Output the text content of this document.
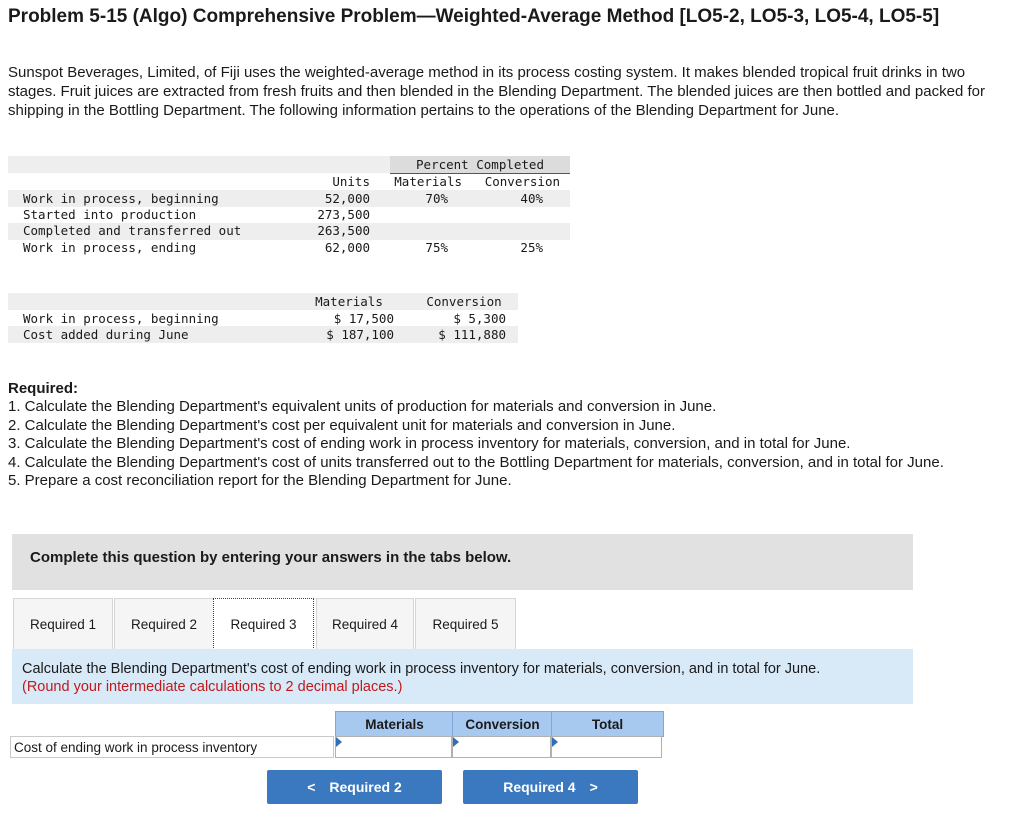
Problem 5-15 (Algo) Comprehensive Problem—Weighted-Average Method [LO5-2, LO5-3, LO5-4, LO5-5]
Sunspot Beverages, Limited, of Fiji uses the weighted-average method in its process costing system. It makes blended tropical fruit drinks in two stages. Fruit juices are extracted from fresh fruits and then blended in the Blending Department. The blended juices are then bottled and packed for shipping in the Bottling Department. The following information pertains to the operations of the Blending Department for June.
Percent Completed
Units	Materials	Conversion
Work in process, beginning	52,000	70%	40%
Started into production	273,500
Completed and transferred out	263,500
Work in process, ending	62,000	75%	25%
Materials	Conversion
Work in process, beginning	$ 17,500	$ 5,300
Cost added during June	$ 187,100	$ 111,880
Required:
1. Calculate the Blending Department's equivalent units of production for materials and conversion in June.
2. Calculate the Blending Department's cost per equivalent unit for materials and conversion in June.
3. Calculate the Blending Department's cost of ending work in process inventory for materials, conversion, and in total for June.
4. Calculate the Blending Department's cost of units transferred out to the Bottling Department for materials, conversion, and in total for June.
5. Prepare a cost reconciliation report for the Blending Department for June.
Complete this question by entering your answers in the tabs below.
Required 1	Required 2	Required 3	Required 4	Required 5
Calculate the Blending Department's cost of ending work in process inventory for materials, conversion, and in total for June.
(Round your intermediate calculations to 2 decimal places.)
Materials	Conversion	Total
Cost of ending work in process inventory
< Required 2	Required 4 >
